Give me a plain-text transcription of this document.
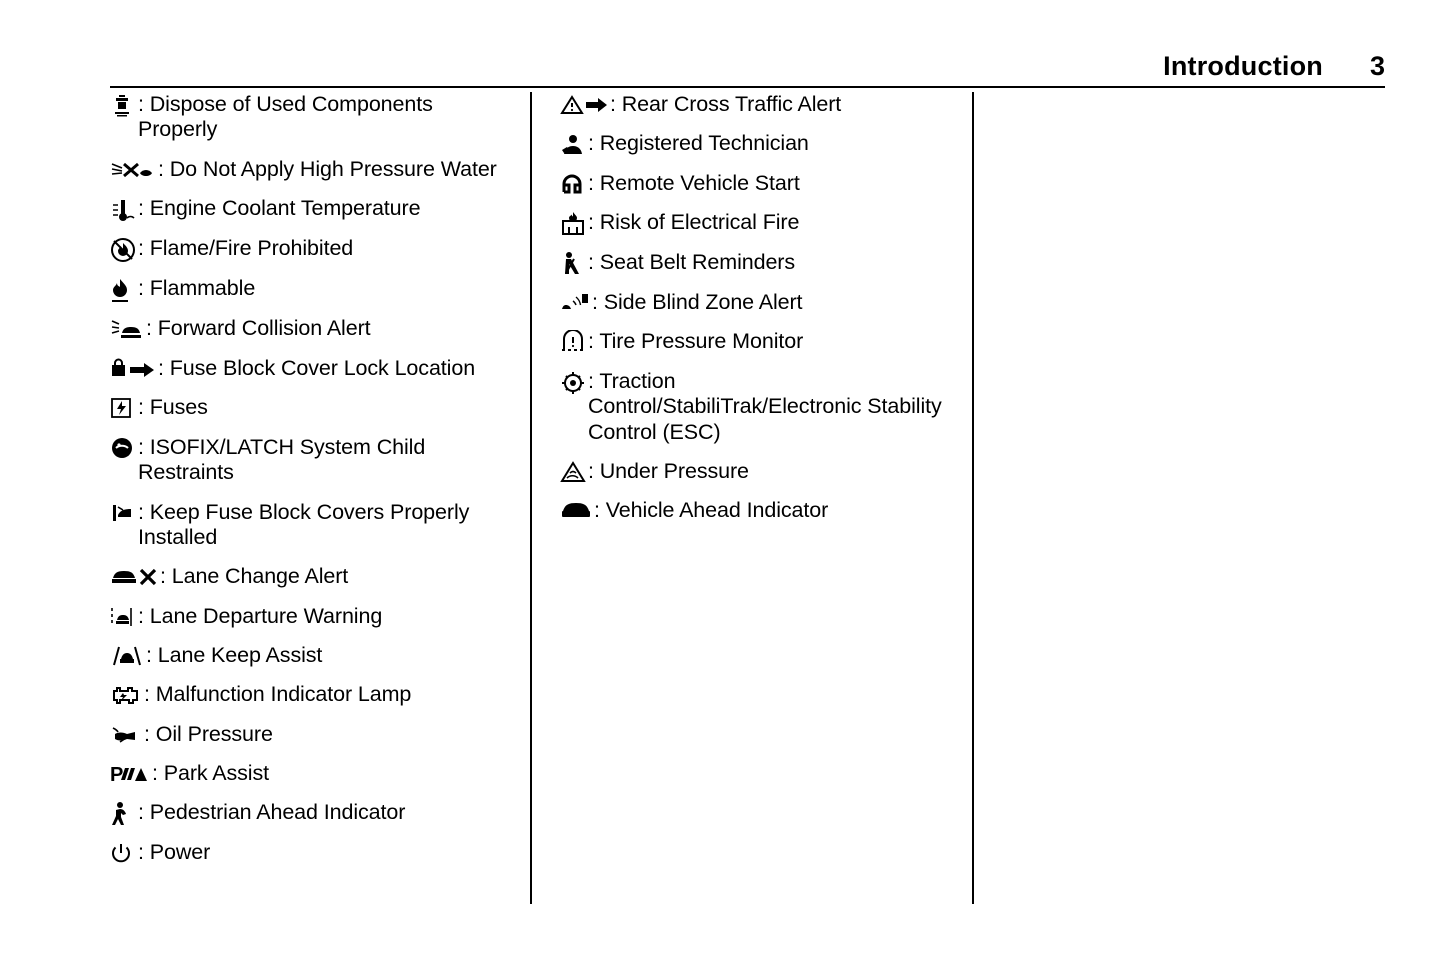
Introduction 3
: Dispose of Used Components Properly
: Do Not Apply High Pressure Water
: Engine Coolant Temperature
: Flame/Fire Prohibited
: Flammable
: Forward Collision Alert
: Fuse Block Cover Lock Location
: Fuses
: ISOFIX/LATCH System Child Restraints
: Keep Fuse Block Covers Properly Installed
: Lane Change Alert
: Lane Departure Warning
: Lane Keep Assist
: Malfunction Indicator Lamp
: Oil Pressure
P : Park Assist
: Pedestrian Ahead Indicator
: Power
: Rear Cross Traffic Alert
: Registered Technician
: Remote Vehicle Start
: Risk of Electrical Fire
: Seat Belt Reminders
: Side Blind Zone Alert
: Tire Pressure Monitor
: Traction Control/StabiliTrak/Electronic Stability Control (ESC)
: Under Pressure
: Vehicle Ahead Indicator
